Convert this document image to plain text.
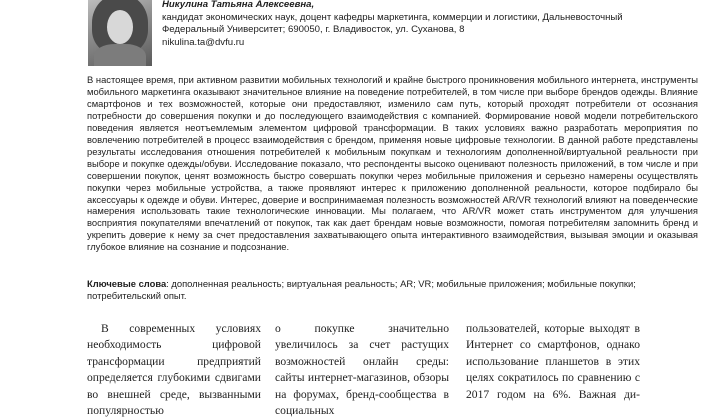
Никулина Татьяна Алексеевна,
кандидат экономических наук, доцент кафедры маркетинга, коммерции и логистики, Дальневосточный
Федеральный Университет; 690050, г. Владивосток, ул. Суханова, 8
nikulina.ta@dvfu.ru

В настоящее время, при активном развитии мобильных технологий и крайне быстрого проникновения мобильного интернета, инструменты мобильного маркетинга оказывают значительное влияние на поведение потребителей, в том числе при выборе брендов одежды. Влияние смартфонов и тех возможностей, которые они предоставляют, изменило сам путь, который проходят потребители от осознания потребности до совершения покупки и до последующего взаимодействия с компанией. Формирование новой модели потребительского поведения является неотъемлемым элементом цифровой трансформации. В таких условиях важно разработать мероприятия по вовлечению потребителей в процесс взаимодействия с брендом, применяя новые цифровые технологии. В данной работе представлены результаты исследования отношения потребителей к мобильным покупкам и технологиям дополненной/виртуальной реальности при выборе и покупке одежды/обуви. Исследование показало, что респонденты высоко оценивают полезность приложений, в том числе и при совершении покупок, ценят возможность быстро совершать покупки через мобильные приложения и серьезно намерены осуществлять покупки через мобильные устройства, а также проявляют интерес к приложению дополненной реальности, которое подбирало бы аксессуары к одежде и обуви. Интерес, доверие и воспринимаемая полезность возможностей AR/VR технологий влияют на поведенческие намерения использовать такие технологические инновации. Мы полагаем, что AR/VR может стать инструментом для улучшения восприятия покупателями впечатлений от покупок, так как дает брендам новые возможности, помогая потребителям запомнить бренд и укрепить доверие к нему за счет предоставления захватывающего опыта интерактивного взаимодействия, вызывая эмоции и оказывая глубокое влияние на сознание и подсознание.

Ключевые слова: дополненная реальность; виртуальная реальность; AR; VR; мобильные приложения; мобильные покупки; потребительский опыт.

В современных условиях необходимость цифровой трансформации предприятий определяется глубокими сдвигами во внешней среде, вызванными популярностью

о покупке значительно увеличилось за счет растущих возможностей онлайн среды: сайты интернет-магазинов, обзоры на форумах, бренд-сообщества в социальных

пользователей, которые выходят в Интернет со смартфонов, однако использование планшетов в этих целях сократилось по сравнению с 2017 годом на 6%. Важная ди-
